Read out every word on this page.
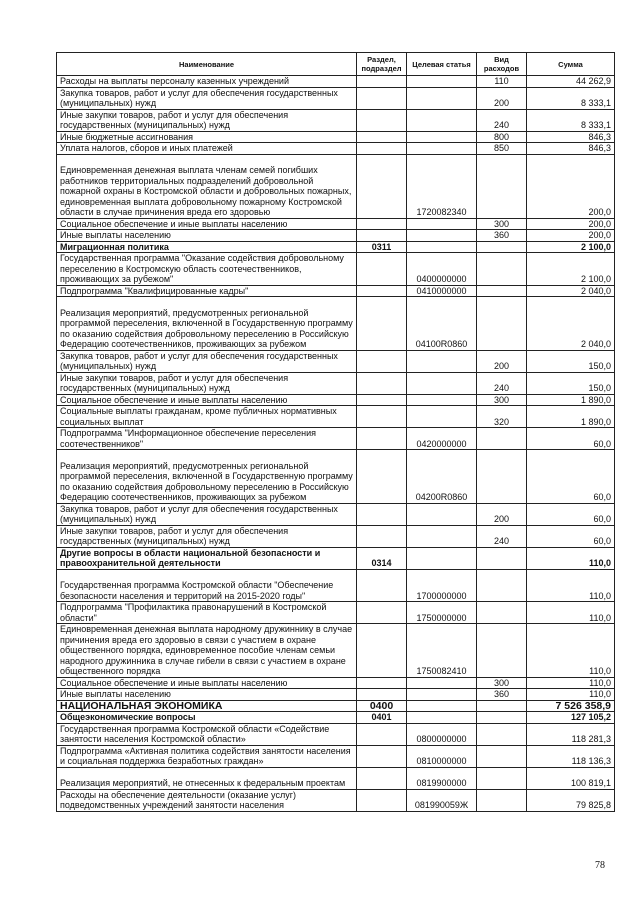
Наименование	Раздел, подраздел	Целевая статья	Вид расходов	Сумма
Расходы на выплаты персоналу казенных учреждений			110	44 262,9
Закупка товаров, работ и услуг для обеспечения государственных (муниципальных) нужд			200	8 333,1
Иные закупки товаров, работ и услуг для обеспечения государственных (муниципальных) нужд			240	8 333,1
Иные бюджетные ассигнования			800	846,3
Уплата налогов, сборов и иных платежей			850	846,3
Единовременная денежная выплата членам семей погибших работников территориальных подразделений добровольной пожарной охраны в Костромской области и добровольных пожарных, единовременная выплата добровольному пожарному Костромской области в случае причинения вреда его здоровью		1720082340		200,0
Социальное обеспечение и иные выплаты населению			300	200,0
Иные выплаты населению			360	200,0
Миграционная политика	0311			2 100,0
Государственная программа "Оказание содействия добровольному переселению в Костромскую область соотечественников, проживающих за рубежом"		0400000000		2 100,0
Подпрограмма "Квалифицированные кадры"		0410000000		2 040,0
Реализация мероприятий, предусмотренных региональной программой переселения, включенной в Государственную программу по оказанию содействия добровольному переселению в Российскую Федерацию соотечественников, проживающих за рубежом		04100R0860		2 040,0
Закупка товаров, работ и услуг для обеспечения государственных (муниципальных) нужд			200	150,0
Иные закупки товаров, работ и услуг для обеспечения государственных (муниципальных) нужд			240	150,0
Социальное обеспечение и иные выплаты населению			300	1 890,0
Социальные выплаты гражданам, кроме публичных нормативных социальных выплат			320	1 890,0
Подпрограмма "Информационное обеспечение переселения соотечественников"		0420000000		60,0
Реализация мероприятий, предусмотренных региональной программой переселения, включенной в Государственную программу по оказанию содействия добровольному переселению в Российскую Федерацию соотечественников, проживающих за рубежом		04200R0860		60,0
Закупка товаров, работ и услуг для обеспечения государственных (муниципальных) нужд			200	60,0
Иные закупки товаров, работ и услуг для обеспечения государственных (муниципальных) нужд			240	60,0
Другие вопросы в области национальной безопасности и правоохранительной деятельности	0314			110,0
Государственная программа Костромской области "Обеспечение безопасности населения и территорий на 2015-2020 годы"		1700000000		110,0
Подпрограмма "Профилактика правонарушений в Костромской области"		1750000000		110,0
Единовременная денежная выплата народному дружиннику в случае причинения вреда его здоровью в связи с участием в охране общественного порядка, единовременное пособие членам семьи народного дружинника в случае гибели в связи с участием в охране общественного порядка		1750082410		110,0
Социальное обеспечение и иные выплаты населению			300	110,0
Иные выплаты населению			360	110,0
НАЦИОНАЛЬНАЯ ЭКОНОМИКА	0400			7 526 358,9
Общеэкономические вопросы	0401			127 105,2
Государственная программа Костромской области «Содействие занятости населения Костромской области»		0800000000		118 281,3
Подпрограмма «Активная политика содействия занятости населения и социальная поддержка безработных граждан»		0810000000		118 136,3
Реализация мероприятий, не отнесенных к федеральным проектам		0819900000		100 819,1
Расходы на обеспечение деятельности (оказание услуг) подведомственных учреждений занятости населения		081990059Ж		79 825,8
78
